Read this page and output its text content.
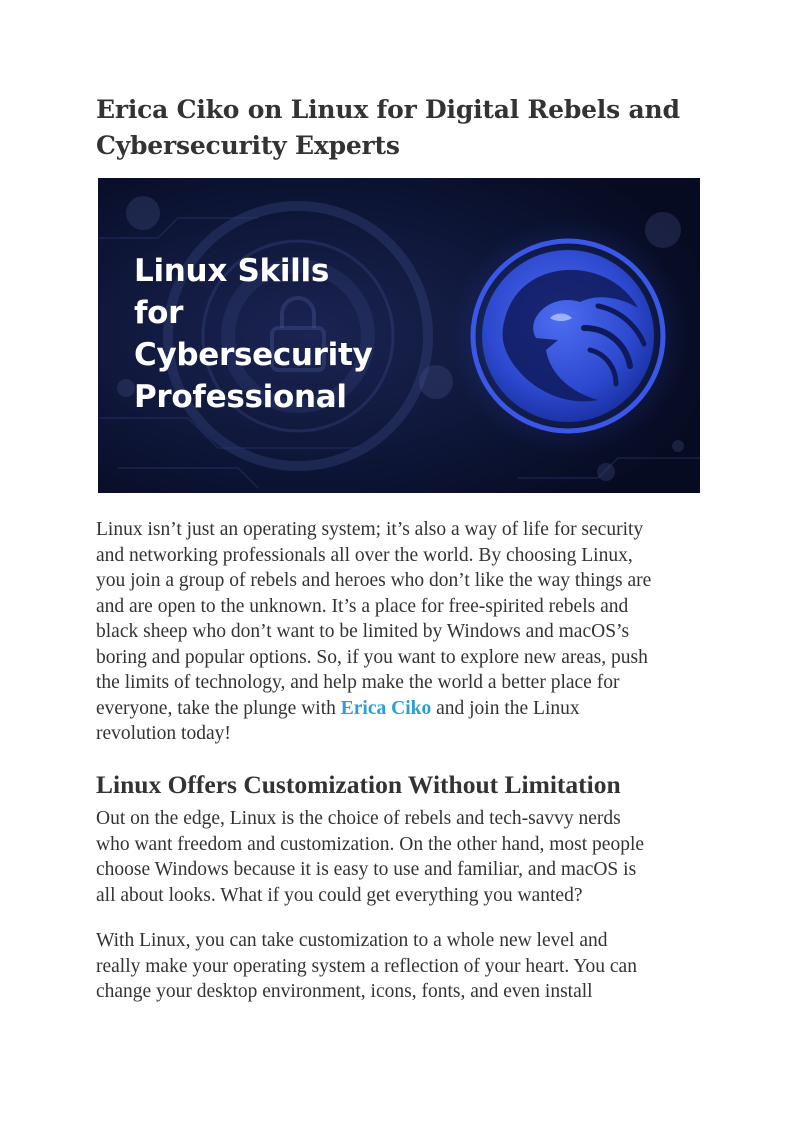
Erica Ciko on Linux for Digital Rebels and
Cybersecurity Experts
Linux Skills
for
Cybersecurity
Professional

Linux isn’t just an operating system; it’s also a way of life for security
and networking professionals all over the world. By choosing Linux,
you join a group of rebels and heroes who don’t like the way things are
and are open to the unknown. It’s a place for free-spirited rebels and
black sheep who don’t want to be limited by Windows and macOS’s
boring and popular options. So, if you want to explore new areas, push
the limits of technology, and help make the world a better place for
everyone, take the plunge with Erica Ciko and join the Linux
revolution today!

Linux Offers Customization Without Limitation

Out on the edge, Linux is the choice of rebels and tech-savvy nerds
who want freedom and customization. On the other hand, most people
choose Windows because it is easy to use and familiar, and macOS is
all about looks. What if you could get everything you wanted?

With Linux, you can take customization to a whole new level and
really make your operating system a reflection of your heart. You can
change your desktop environment, icons, fonts, and even install
